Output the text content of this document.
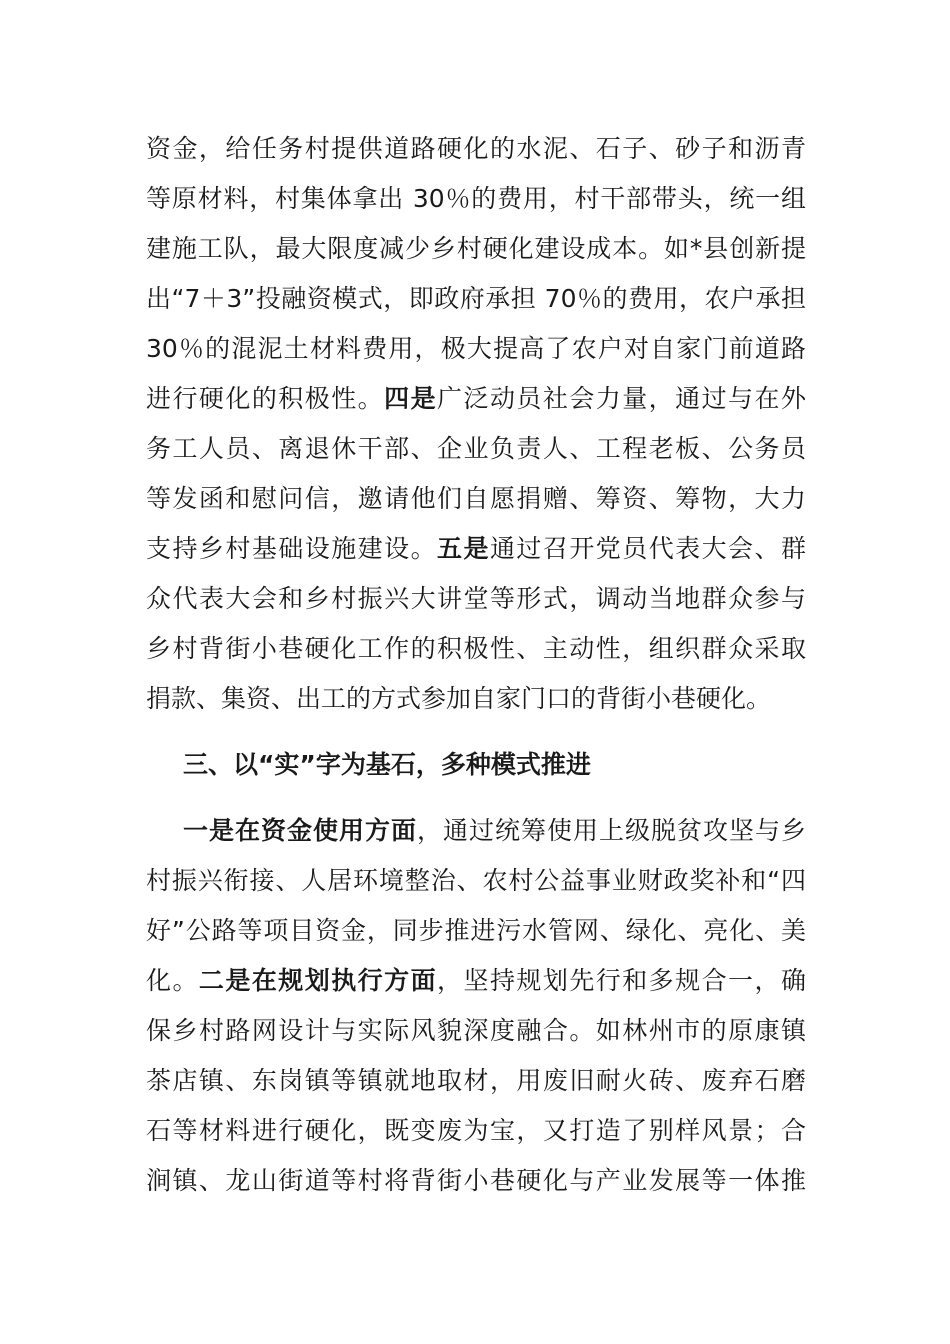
资金，给任务村提供道路硬化的水泥、石子、砂子和沥青
等原材料，村集体拿出 30％的费用，村干部带头，统一组
建施工队，最大限度减少乡村硬化建设成本。如*县创新提
出“7＋3”投融资模式，即政府承担 70％的费用，农户承担
30％的混泥土材料费用，极大提高了农户对自家门前道路
进行硬化的积极性。四是广泛动员社会力量，通过与在外
务工人员、离退休干部、企业负责人、工程老板、公务员
等发函和慰问信，邀请他们自愿捐赠、筹资、筹物，大力
支持乡村基础设施建设。五是通过召开党员代表大会、群
众代表大会和乡村振兴大讲堂等形式，调动当地群众参与
乡村背街小巷硬化工作的积极性、主动性，组织群众采取
捐款、集资、出工的方式参加自家门口的背街小巷硬化。
三、以“实”字为基石，多种模式推进
一是在资金使用方面，通过统筹使用上级脱贫攻坚与乡
村振兴衔接、人居环境整治、农村公益事业财政奖补和“四
好”公路等项目资金，同步推进污水管网、绿化、亮化、美
化。二是在规划执行方面，坚持规划先行和多规合一，确
保乡村路网设计与实际风貌深度融合。如林州市的原康镇
茶店镇、东岗镇等镇就地取材，用废旧耐火砖、废弃石磨
石等材料进行硬化，既变废为宝，又打造了别样风景；合
涧镇、龙山街道等村将背街小巷硬化与产业发展等一体推
